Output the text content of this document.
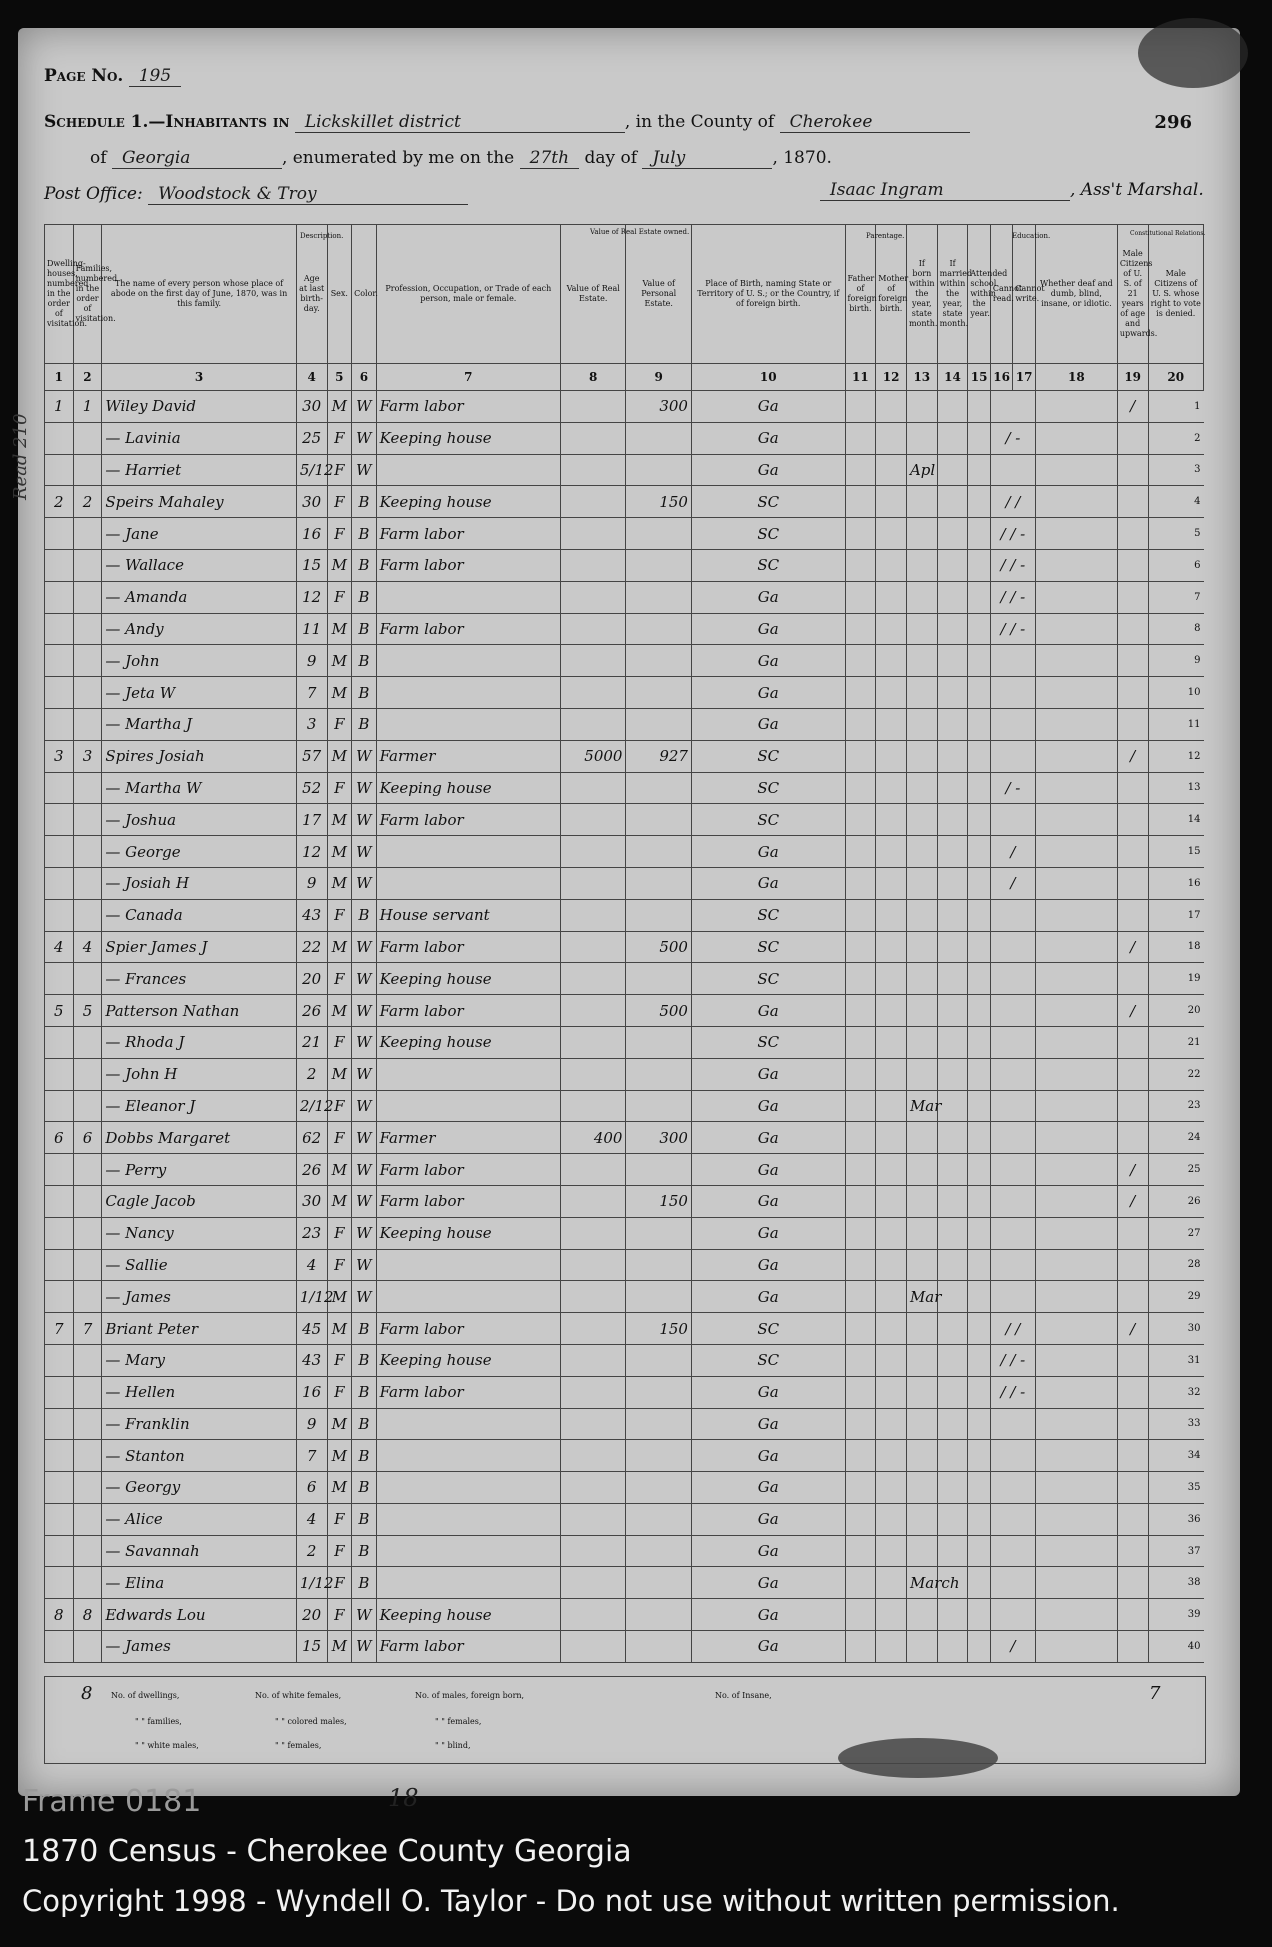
Page No. 195
Schedule 1.—Inhabitants in Lickskillet district	, in the County of Cherokee	296
of Georgia	, enumerated by me on the 27th day of July	, 1870.
Post Office: Woodstock & Troy	Isaac Ingram	, Ass't Marshal.
Read 210
Dwelling-houses, numbered in the order of visitation.	Families, numbered in the order of visitation.	The name of every person whose place of abode on the first day of June, 1870, was in this family.	Age at last birth-day.	Sex.	Color.	Profession, Occupation, or Trade of each person, male or female.	Value of Real Estate.	Value of Personal Estate.	Place of Birth, naming State or Territory of U. S.; or the Country, if of foreign birth.	Father of foreign birth.	Mother of foreign birth.	If born within the year, state month.	If married within the year, state month.	Attended school within the year.	Cannot read.	Cannot write.	Whether deaf and dumb, blind, insane, or idiotic.	Male Citizens of U. S. of 21 years of age and upwards.	Male Citizens of U. S. whose right to vote is denied.
1	2	3	4	5	6	7	8	9	10	11	12	13	14	15	16	17	18	19	20
1	1	Wiley David	30	M	W	Farm labor		300	Ga									/	1
		— Lavinia	25	F	W	Keeping house			Ga						/ -				2
		— Harriet	5/12	F	W				Ga			Apl							3
2	2	Speirs Mahaley	30	F	B	Keeping house		150	SC						/ /				4
		— Jane	16	F	B	Farm labor			SC						/ / -				5
		— Wallace	15	M	B	Farm labor			SC						/ / -				6
		— Amanda	12	F	B				Ga						/ / -				7
		— Andy	11	M	B	Farm labor			Ga						/ / -				8
		— John	9	M	B				Ga										9
		— Jeta W	7	M	B				Ga										10
		— Martha J	3	F	B				Ga										11
3	3	Spires Josiah	57	M	W	Farmer	5000	927	SC									/	12
		— Martha W	52	F	W	Keeping house			SC						/ -				13
		— Joshua	17	M	W	Farm labor			SC										14
		— George	12	M	W				Ga						/				15
		— Josiah H	9	M	W				Ga						/				16
		— Canada	43	F	B	House servant			SC										17
4	4	Spier James J	22	M	W	Farm labor		500	SC									/	18
		— Frances	20	F	W	Keeping house			SC										19
5	5	Patterson Nathan	26	M	W	Farm labor		500	Ga									/	20
		— Rhoda J	21	F	W	Keeping house			SC										21
		— John H	2	M	W				Ga										22
		— Eleanor J	2/12	F	W				Ga			Mar							23
6	6	Dobbs Margaret	62	F	W	Farmer	400	300	Ga										24
		— Perry	26	M	W	Farm labor			Ga									/	25
		Cagle Jacob	30	M	W	Farm labor		150	Ga									/	26
		— Nancy	23	F	W	Keeping house			Ga										27
		— Sallie	4	F	W				Ga										28
		— James	1/12	M	W				Ga			Mar							29
7	7	Briant Peter	45	M	B	Farm labor		150	SC						/ /			/	30
		— Mary	43	F	B	Keeping house			SC						/ / -				31
		— Hellen	16	F	B	Farm labor			Ga						/ / -				32
		— Franklin	9	M	B				Ga										33
		— Stanton	7	M	B				Ga										34
		— Georgy	6	M	B				Ga										35
		— Alice	4	F	B				Ga										36
		— Savannah	2	F	B				Ga										37
		— Elina	1/12	F	B				Ga			March							38
8	8	Edwards Lou	20	F	W	Keeping house			Ga										39
		— James	15	M	W	Farm labor			Ga						/				40
Description.	Value of Real Estate owned.	Parentage.	Education.	Constitutional Relations.
8 No. of dwellings,
" " families,
" " white males,
No. of white females,
" " colored males,
" " females,
No. of males, foreign born,
" " females,
" " blind,
No. of Insane,	7
18
Frame 0181
1870 Census - Cherokee County Georgia
Copyright 1998 - Wyndell O. Taylor - Do not use without written permission.
